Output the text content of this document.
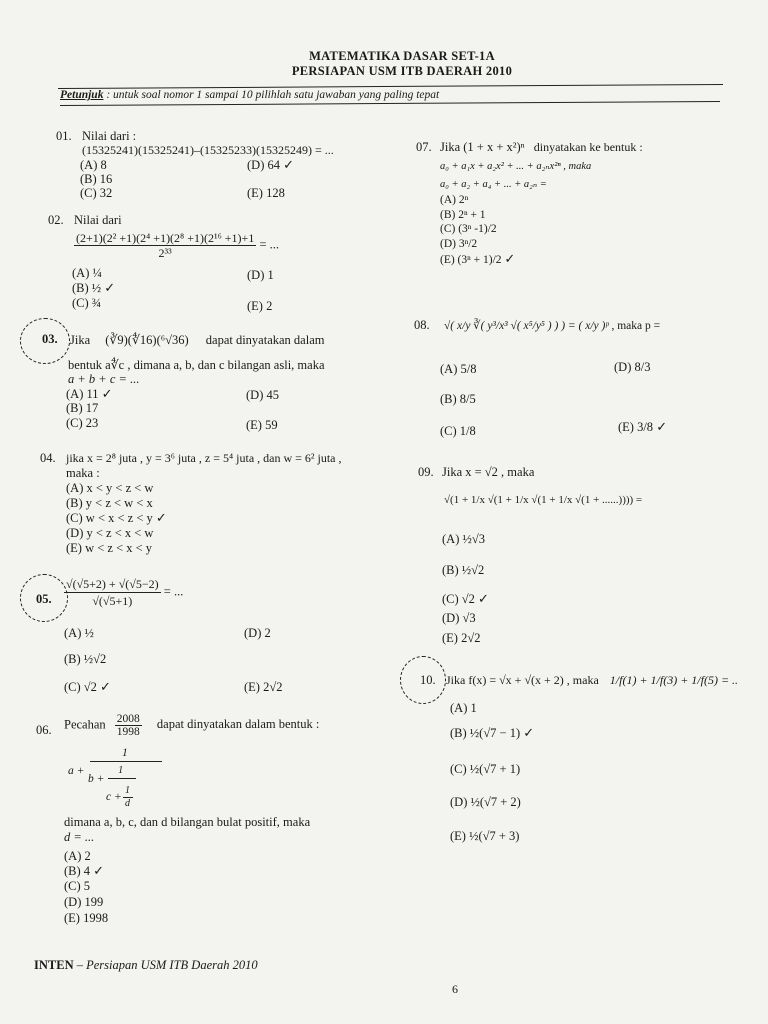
MATEMATIKA DASAR SET-1A
PERSIAPAN USM ITB DAERAH 2010
Petunjuk : untuk soal nomor 1 sampai 10 pilihlah satu jawaban yang paling tepat
01. Nilai dari :
(15325241)(15325241)–(15325233)(15325249) = ...
(A) 8
(B) 16
(C) 32
(D) 64 ✓
(E) 128
02. Nilai dari
$\frac{\text{(2+1)(2² +1)(2⁴ +1)(2⁸ +1)(2¹⁶ +1)+1}}{\text{2³³}}$ = ...
(A) ¼
(B) ½ ✓
(C) ¾
(D) 1
(E) 2
03. Jika (∛9)(∜16)(⁶√36) dapat dinyatakan dalam
bentuk a∜c , dimana a, b, dan c bilangan asli, maka
a + b + c = ...
(A) 11 ✓
(B) 17
(C) 23
(D) 45
(E) 59
04. jika x = 2⁸ juta , y = 3⁶ juta , z = 5⁴ juta , dan w = 6² juta ,
maka :
(A) x < y < z < w
(B) y < z < w < x
(C) w < x < z < y ✓
(D) y < z < x < w
(E) w < z < x < y
05. $\frac{√(√5+2) + √(√5-2)}{√(√5+1)}$ = ...
(A) ½
(B) ½√2
(C) √2 ✓
(D) 2
(E) 2√2
06. Pecahan $\frac{2008}{1998}$ dapat dinyatakan dalam bentuk :
a +
1
b +
1
c +
1
d
dimana a, b, c, dan d bilangan bulat positif, maka
d = ...
(A) 2
(B) 4 ✓
(C) 5
(D) 199
(E) 1998
07. Jika (1 + x + x²)ⁿ dinyatakan ke bentuk :
a₀ + a₁x + a₂x² + ... + a₂ₙx²ⁿ , maka
a₀ + a₂ + a₄ + ... + a₂ₙ =
(A) 2ⁿ
(B) 2ⁿ + 1
(C) (3ⁿ -1)/2
(D) 3ⁿ/2
(E) (3ⁿ + 1)/2 ✓
08. √( x/y ∛( y³/x³ √( x⁵/y⁵ ) ) ) = ( x/y )ᵖ , maka p =
(A) 5/8
(B) 8/5
(C) 1/8
(D) 8/3
(E) 3/8 ✓
09. Jika x = √2 , maka
√(1 + 1/x √(1 + 1/x √(1 + 1/x √(1 + ......)))) =
(A) ½√3
(B) ½√2
(C) √2 ✓
(D) √3
(E) 2√2
10. Jika f(x) = √x + √(x + 2) , maka 1/f(1) + 1/f(3) + 1/f(5) = ..
(A) 1
(B) ½(√7 − 1) ✓
(C) ½(√7 + 1)
(D) ½(√7 + 2)
(E) ½(√7 + 3)
INTEN – Persiapan USM ITB Daerah 2010
6
